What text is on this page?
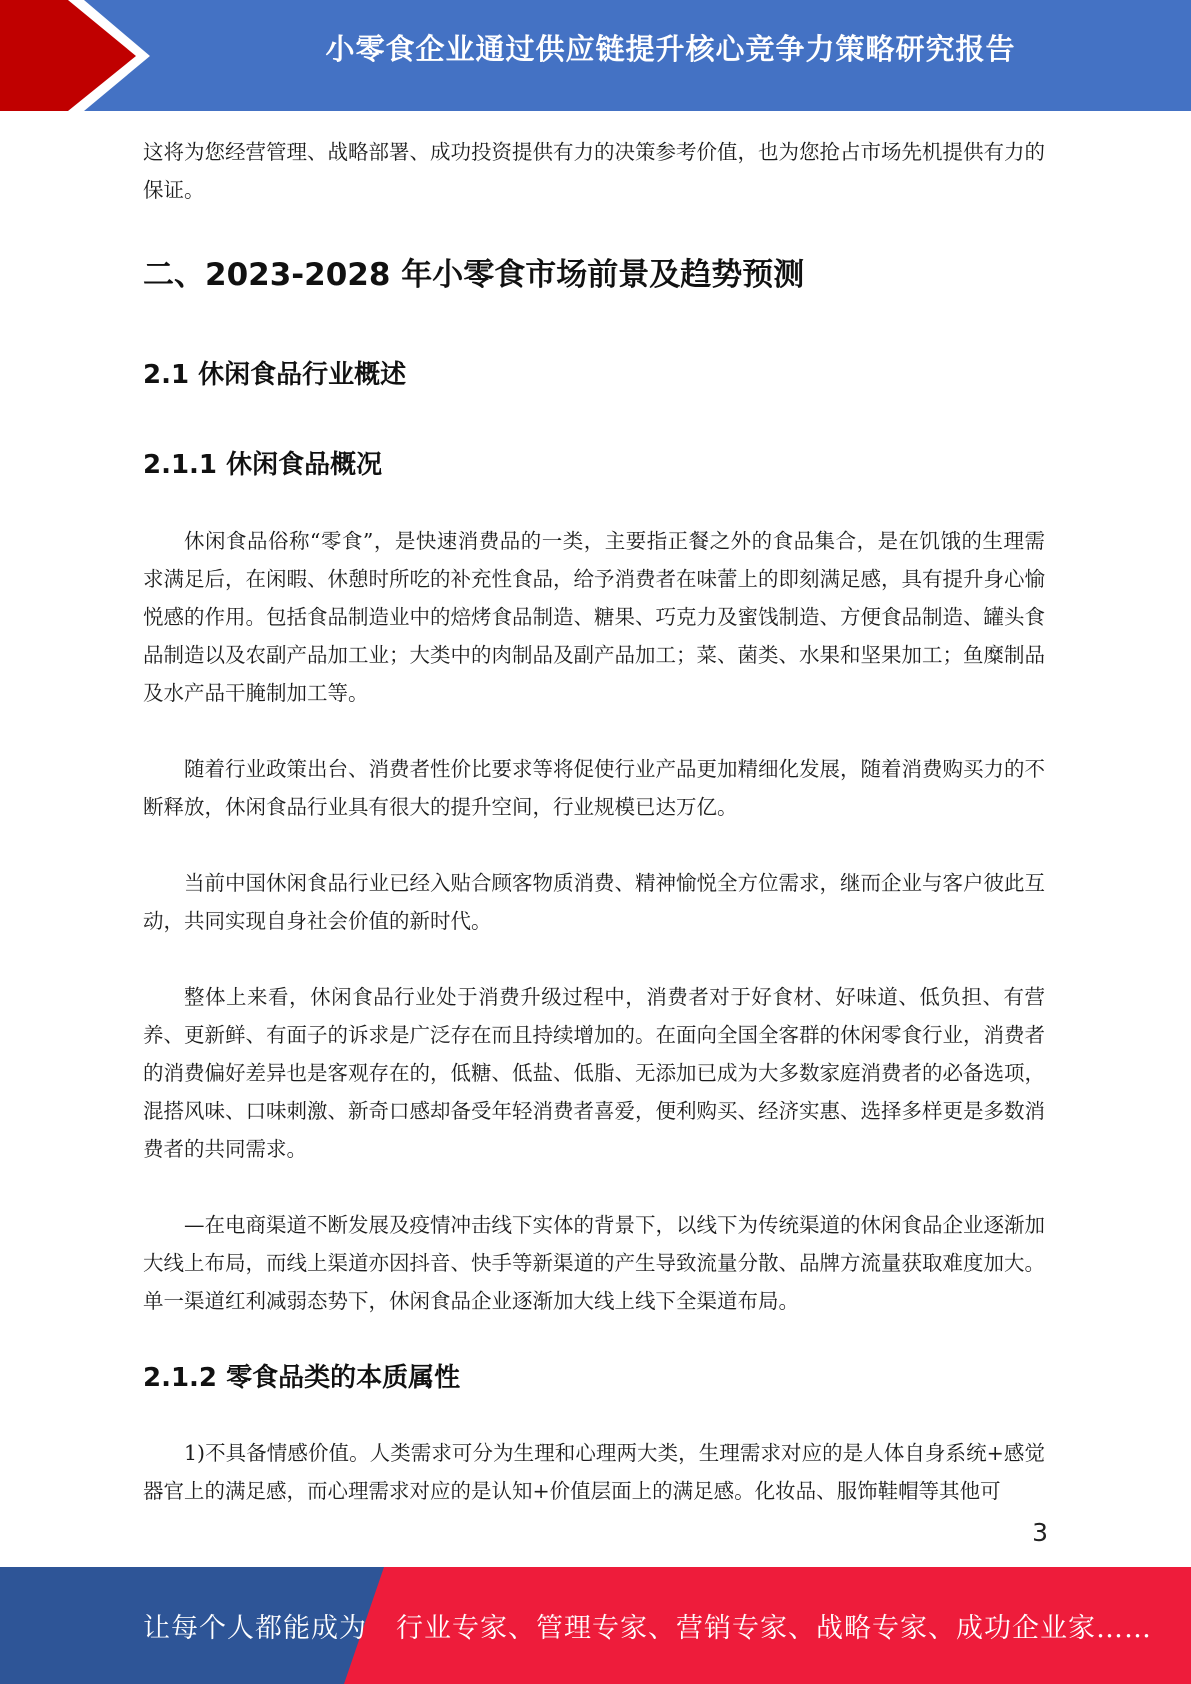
小零食企业通过供应链提升核心竞争力策略研究报告

这将为您经营管理、战略部署、成功投资提供有力的决策参考价值，也为您抢占市场先机提供有力的保证。

二、2023-2028 年小零食市场前景及趋势预测
2.1 休闲食品行业概述
2.1.1 休闲食品概况

休闲食品俗称“零食”，是快速消费品的一类，主要指正餐之外的食品集合，是在饥饿的生理需求满足后，在闲暇、休憩时所吃的补充性食品，给予消费者在味蕾上的即刻满足感，具有提升身心愉悦感的作用。包括食品制造业中的焙烤食品制造、糖果、巧克力及蜜饯制造、方便食品制造、罐头食品制造以及农副产品加工业；大类中的肉制品及副产品加工；菜、菌类、水果和坚果加工；鱼糜制品及水产品干腌制加工等。

随着行业政策出台、消费者性价比要求等将促使行业产品更加精细化发展，随着消费购买力的不断释放，休闲食品行业具有很大的提升空间，行业规模已达万亿。

当前中国休闲食品行业已经入贴合顾客物质消费、精神愉悦全方位需求，继而企业与客户彼此互动，共同实现自身社会价值的新时代。

整体上来看，休闲食品行业处于消费升级过程中，消费者对于好食材、好味道、低负担、有营养、更新鲜、有面子的诉求是广泛存在而且持续增加的。在面向全国全客群的休闲零食行业，消费者的消费偏好差异也是客观存在的，低糖、低盐、低脂、无添加已成为大多数家庭消费者的必备选项，混搭风味、口味刺激、新奇口感却备受年轻消费者喜爱，便利购买、经济实惠、选择多样更是多数消费者的共同需求。

—在电商渠道不断发展及疫情冲击线下实体的背景下，以线下为传统渠道的休闲食品企业逐渐加大线上布局，而线上渠道亦因抖音、快手等新渠道的产生导致流量分散、品牌方流量获取难度加大。单一渠道红利减弱态势下，休闲食品企业逐渐加大线上线下全渠道布局。

2.1.2 零食品类的本质属性

1)不具备情感价值。人类需求可分为生理和心理两大类，生理需求对应的是人体自身系统+感觉器官上的满足感，而心理需求对应的是认知+价值层面上的满足感。化妆品、服饰鞋帽等其他可

3
让每个人都能成为 行业专家、管理专家、营销专家、战略专家、成功企业家……
